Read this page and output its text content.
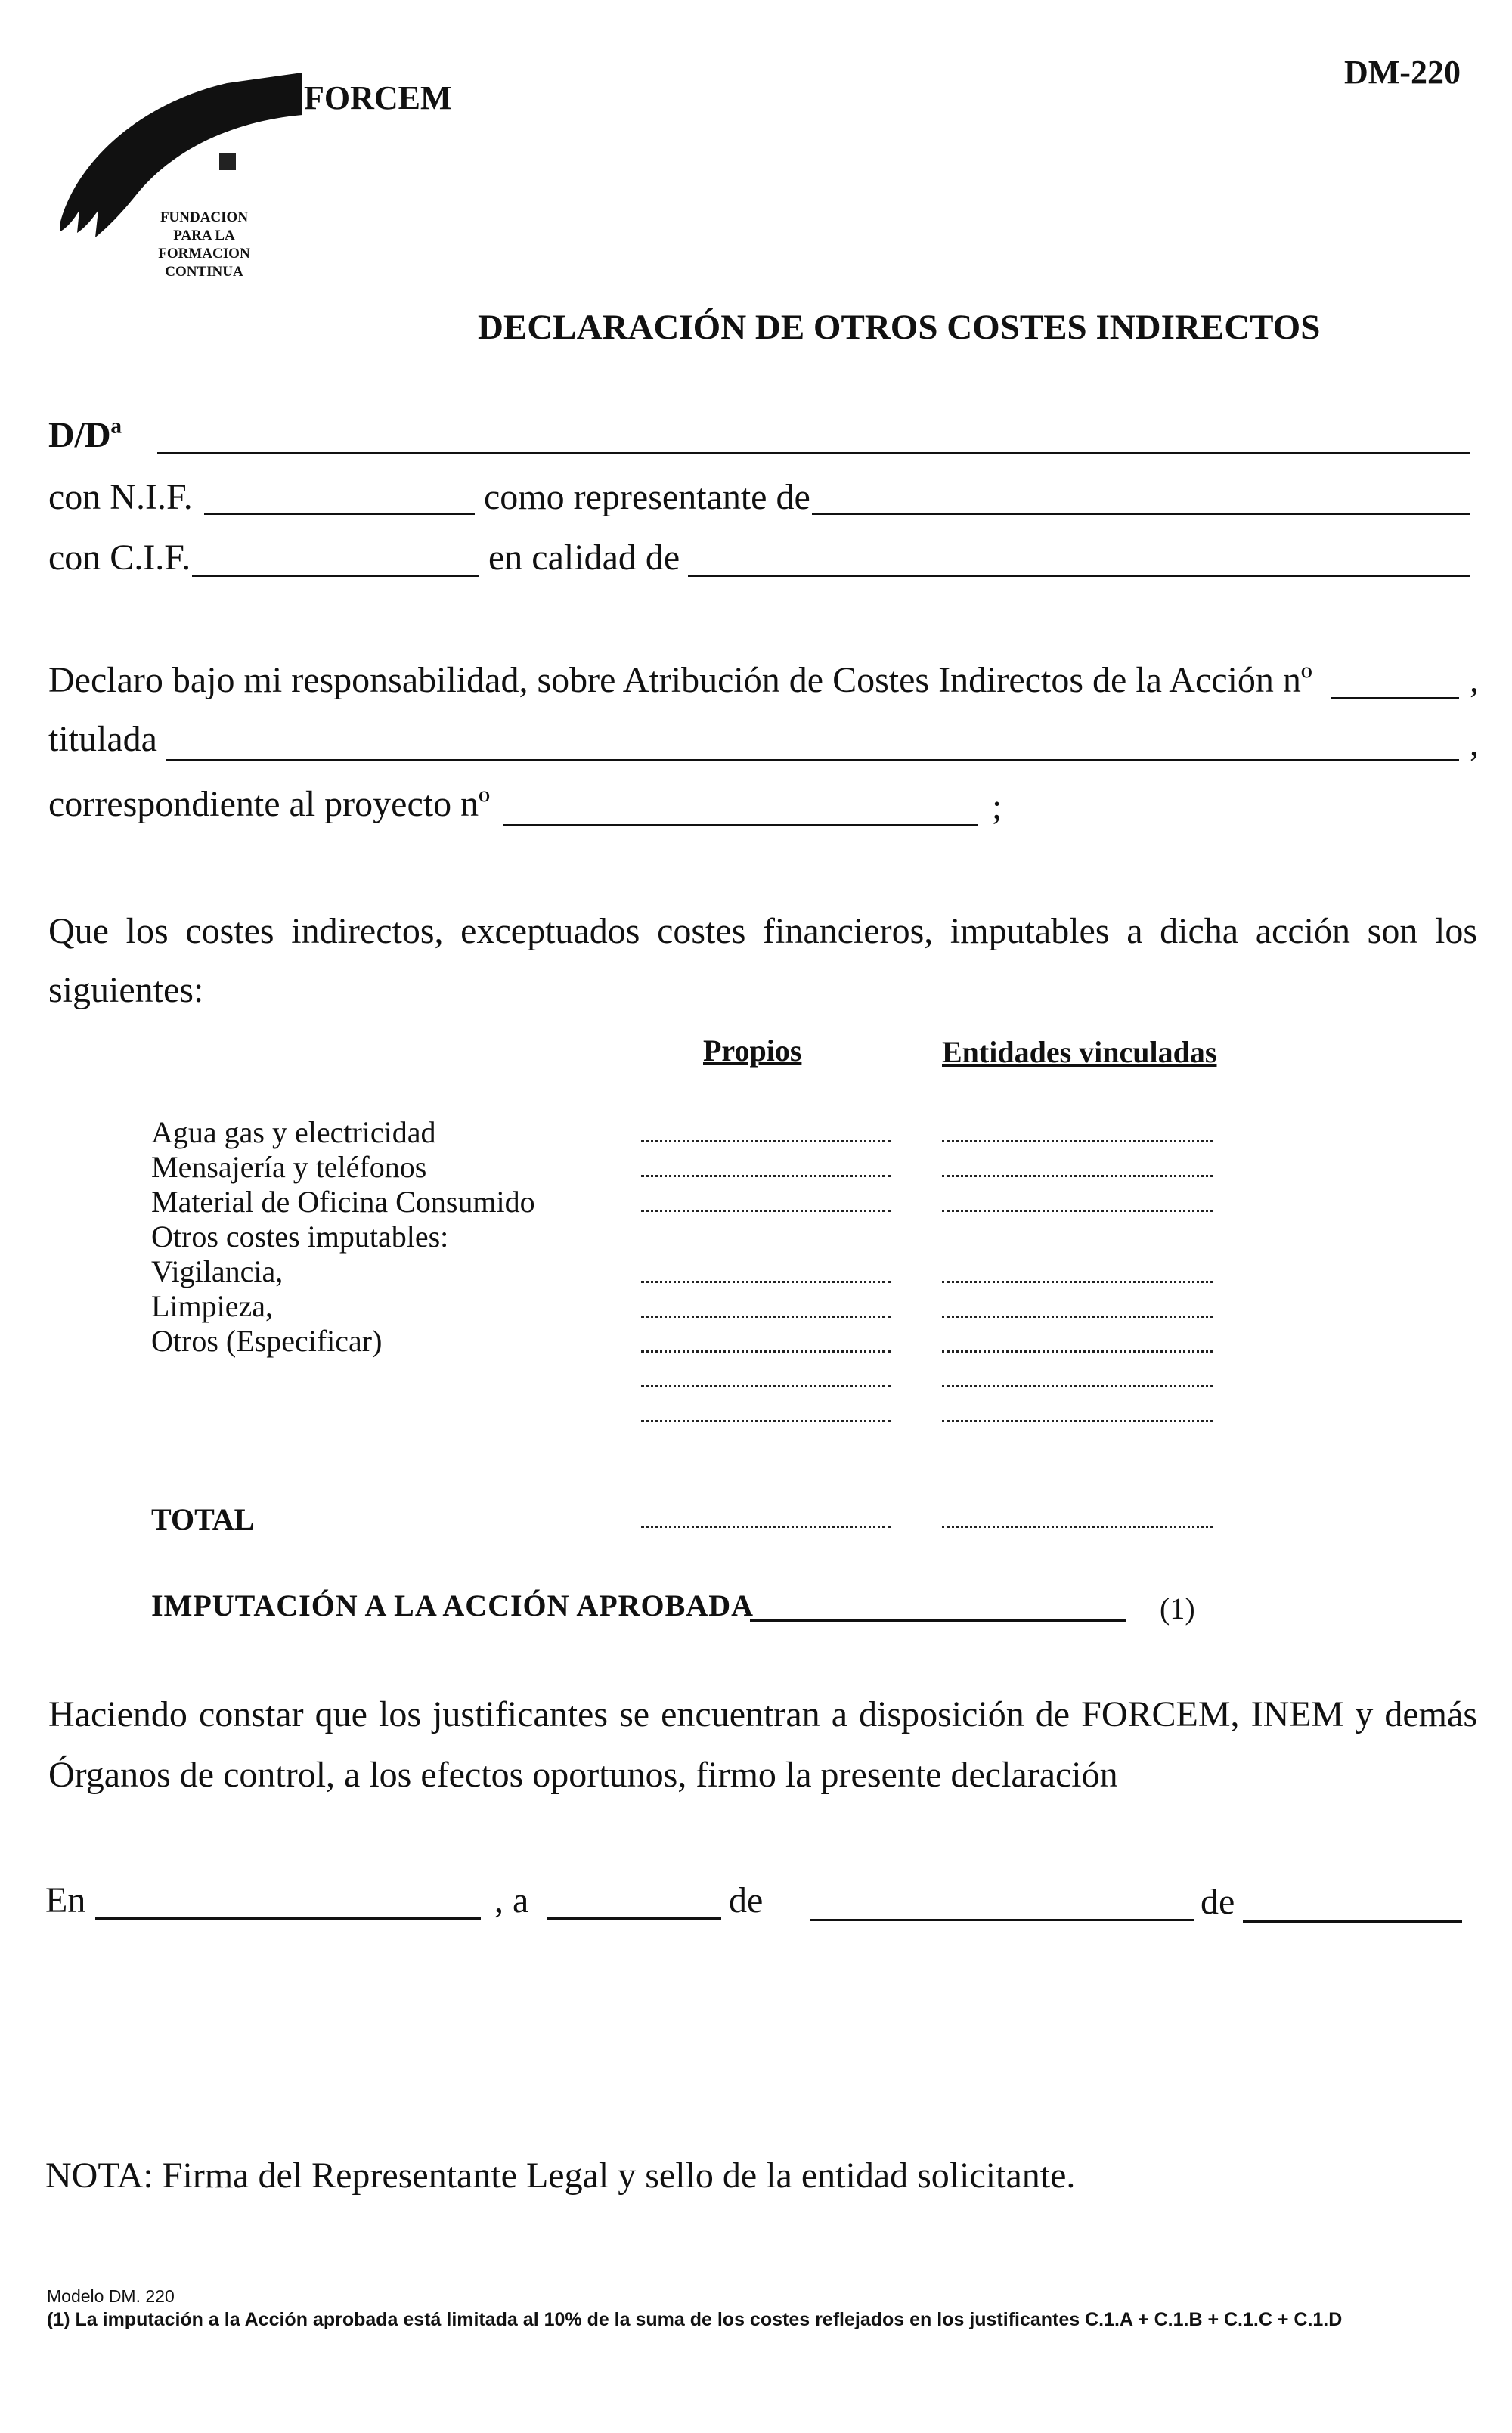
FORCEM
FUNDACION
PARA LA
FORMACION
CONTINUA
DM-220
DECLARACIÓN DE OTROS COSTES INDIRECTOS
D/Dª
con N.I.F.	como representante de
con C.I.F.	en calidad de
Declaro bajo mi responsabilidad, sobre Atribución de Costes Indirectos de la Acción nº	,
titulada	,
correspondiente al proyecto nº	;
Que los costes indirectos, exceptuados costes financieros, imputables a dicha acción son los
siguientes:
Propios	Entidades vinculadas
Agua gas y electricidad
Mensajería y teléfonos
Material de Oficina Consumido
Otros costes imputables:
Vigilancia,
Limpieza,
Otros (Especificar)
TOTAL
IMPUTACIÓN A LA ACCIÓN APROBADA	(1)
Haciendo constar que los justificantes se encuentran a disposición de FORCEM, INEM y demás
Órganos de control, a los efectos oportunos, firmo la presente declaración
En	, a	de	de
NOTA: Firma del Representante Legal y sello de la entidad solicitante.
Modelo DM. 220
(1) La imputación a la Acción aprobada está limitada al 10% de la suma de los costes reflejados en los justificantes C.1.A + C.1.B + C.1.C + C.1.D
